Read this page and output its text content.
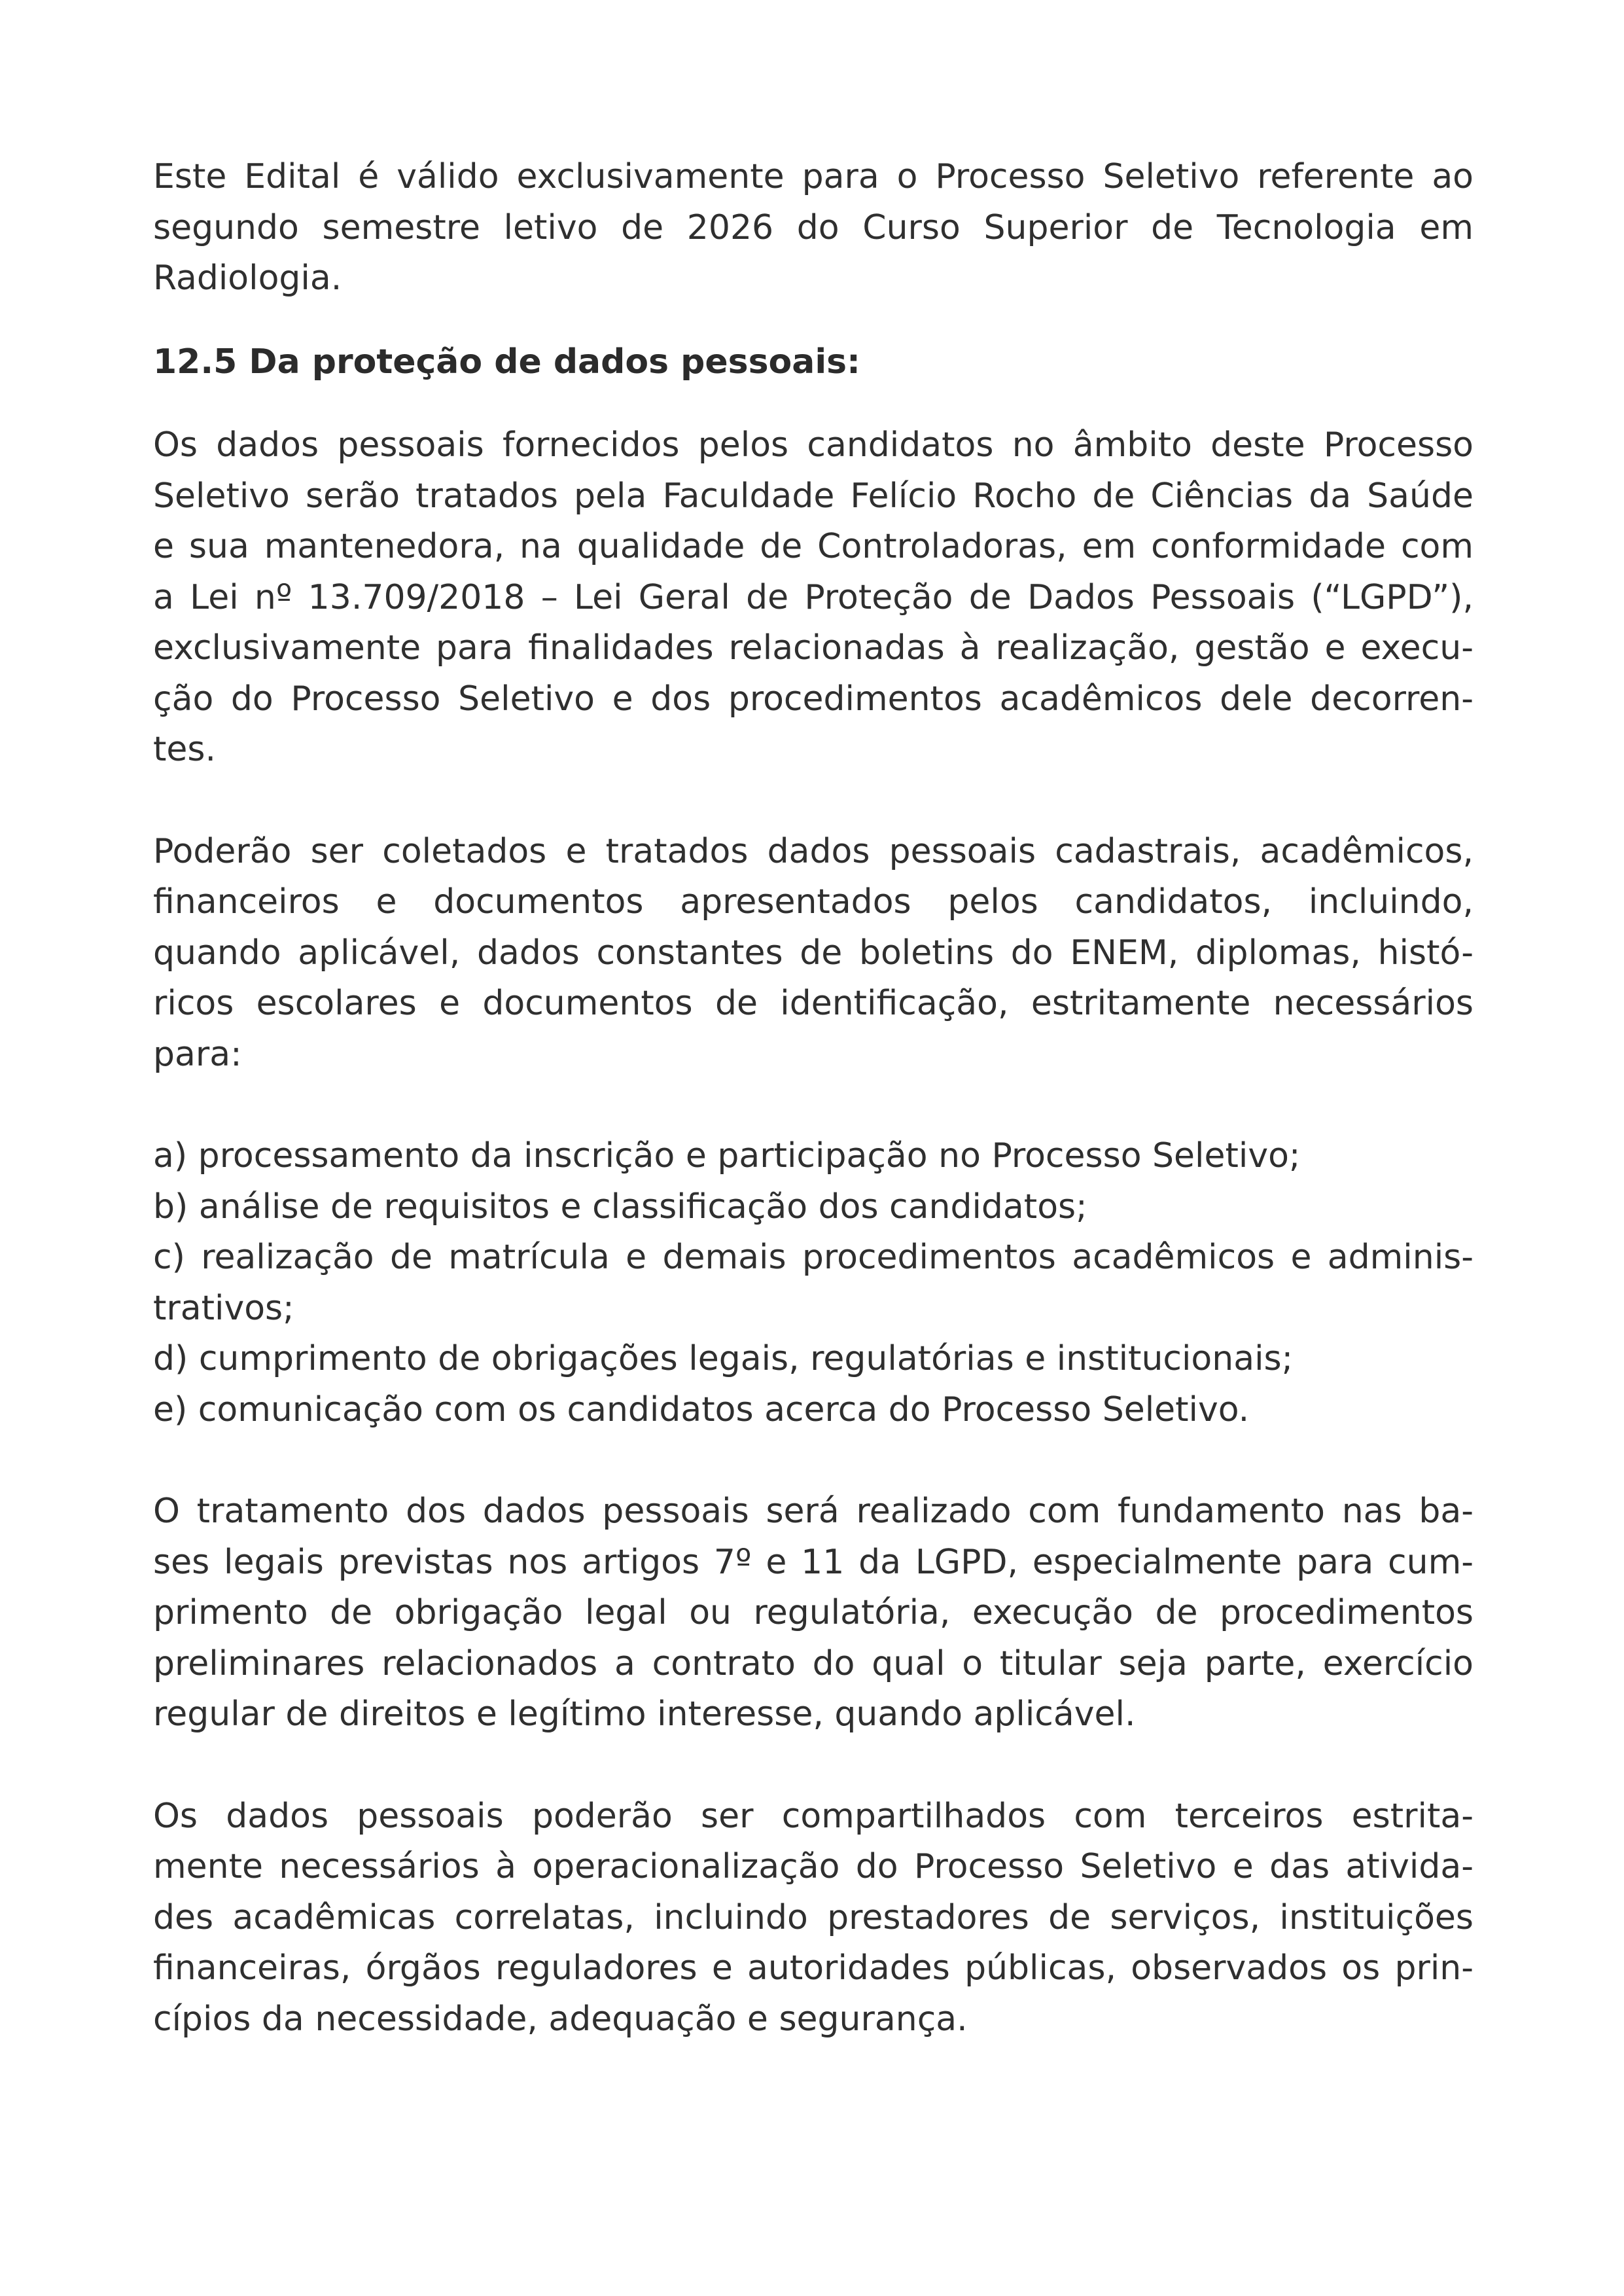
Este Edital é válido exclusivamente para o Processo Seletivo referente ao
segundo semestre letivo de 2026 do Curso Superior de Tecnologia em
Radiologia.
12.5 Da proteção de dados pessoais:
Os dados pessoais fornecidos pelos candidatos no âmbito deste Processo
Seletivo serão tratados pela Faculdade Felício Rocho de Ciências da Saúde
e sua mantenedora, na qualidade de Controladoras, em conformidade com
a Lei nº 13.709/2018 – Lei Geral de Proteção de Dados Pessoais (“LGPD”),
exclusivamente para finalidades relacionadas à realização, gestão e execu-
ção do Processo Seletivo e dos procedimentos acadêmicos dele decorren-
tes.
Poderão ser coletados e tratados dados pessoais cadastrais, acadêmicos,
financeiros e documentos apresentados pelos candidatos, incluindo,
quando aplicável, dados constantes de boletins do ENEM, diplomas, histó-
ricos escolares e documentos de identificação, estritamente necessários
para:
a) processamento da inscrição e participação no Processo Seletivo;
b) análise de requisitos e classificação dos candidatos;
c) realização de matrícula e demais procedimentos acadêmicos e adminis-
trativos;
d) cumprimento de obrigações legais, regulatórias e institucionais;
e) comunicação com os candidatos acerca do Processo Seletivo.
O tratamento dos dados pessoais será realizado com fundamento nas ba-
ses legais previstas nos artigos 7º e 11 da LGPD, especialmente para cum-
primento de obrigação legal ou regulatória, execução de procedimentos
preliminares relacionados a contrato do qual o titular seja parte, exercício
regular de direitos e legítimo interesse, quando aplicável.
Os dados pessoais poderão ser compartilhados com terceiros estrita-
mente necessários à operacionalização do Processo Seletivo e das ativida-
des acadêmicas correlatas, incluindo prestadores de serviços, instituições
financeiras, órgãos reguladores e autoridades públicas, observados os prin-
cípios da necessidade, adequação e segurança.
